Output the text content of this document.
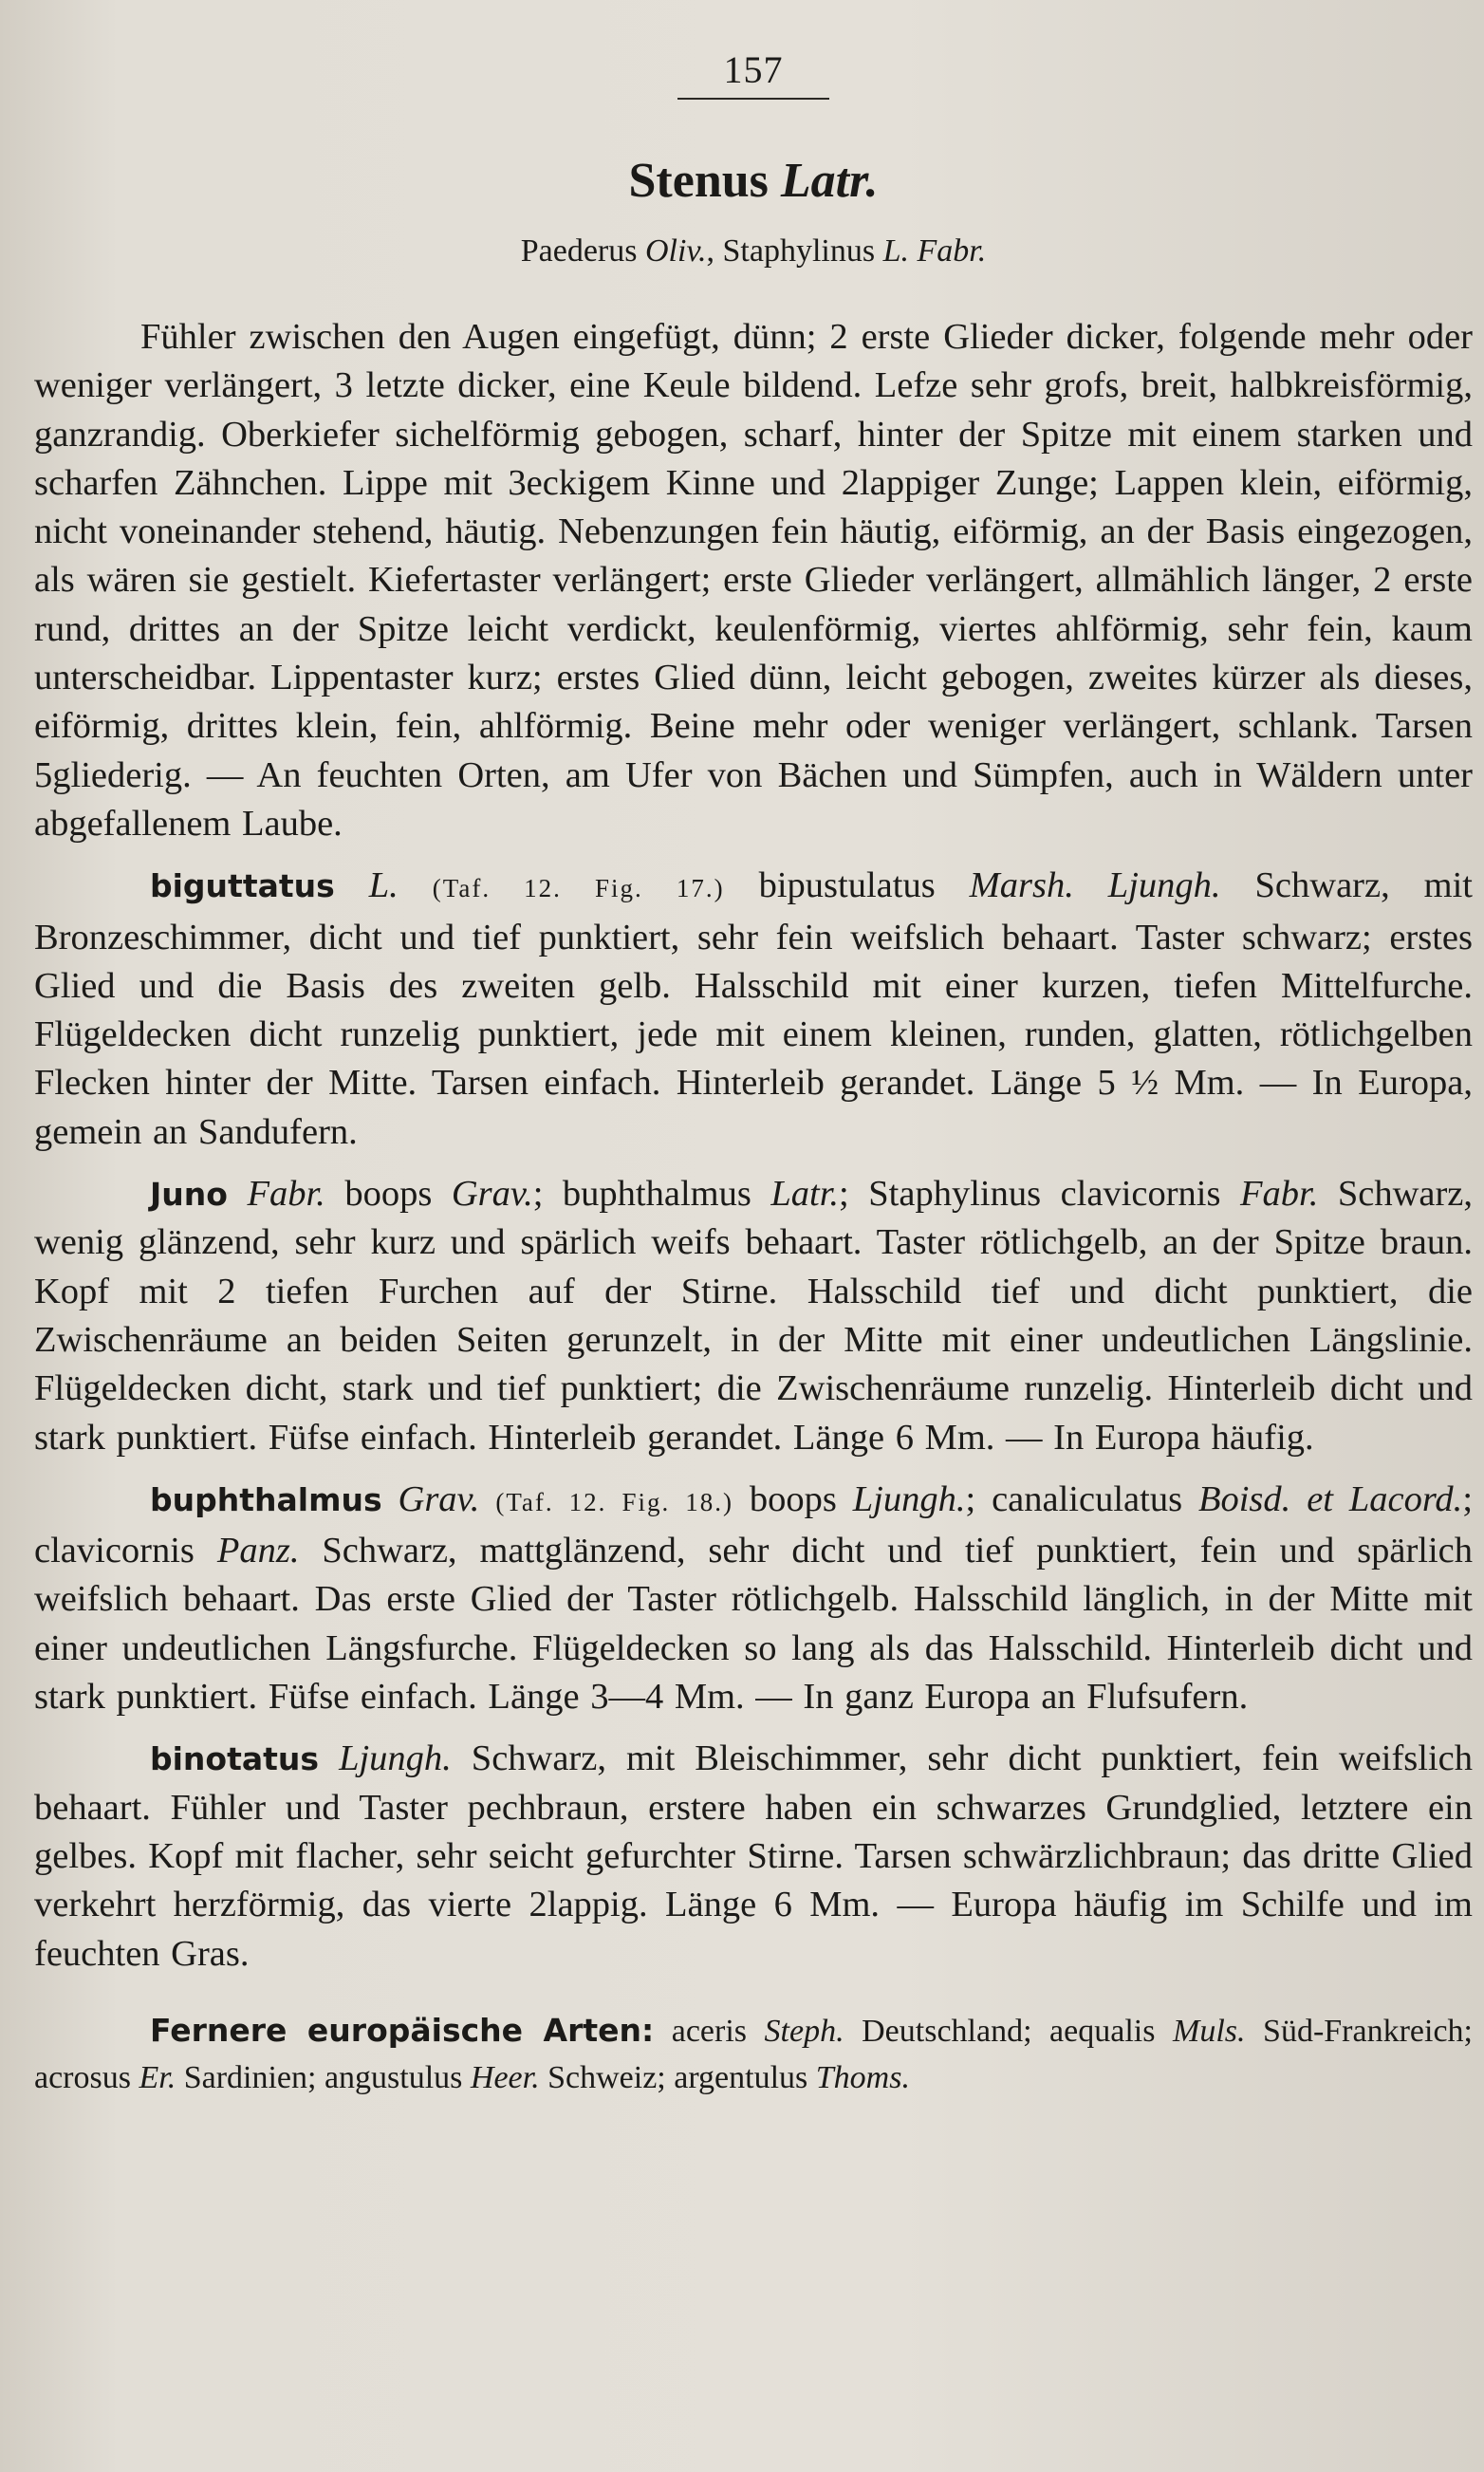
157
Stenus Latr.
Paederus Oliv., Staphylinus L. Fabr.

Fühler zwischen den Augen eingefügt, dünn; 2 erste Glieder dicker, folgende mehr oder weniger verlängert, 3 letzte dicker, eine Keule bildend. Lefze sehr grofs, breit, halbkreisförmig, ganzrandig. Oberkiefer sichelförmig gebogen, scharf, hinter der Spitze mit einem starken und scharfen Zähnchen. Lippe mit 3eckigem Kinne und 2lappiger Zunge; Lappen klein, eiförmig, nicht voneinander stehend, häutig. Nebenzungen fein häutig, eiförmig, an der Basis eingezogen, als wären sie gestielt. Kiefertaster verlängert; erste Glieder verlängert, allmählich länger, 2 erste rund, drittes an der Spitze leicht verdickt, keulenförmig, viertes ahlförmig, sehr fein, kaum unterscheidbar. Lippentaster kurz; erstes Glied dünn, leicht gebogen, zweites kürzer als dieses, eiförmig, drittes klein, fein, ahlförmig. Beine mehr oder weniger verlängert, schlank. Tarsen 5gliederig. — An feuchten Orten, am Ufer von Bächen und Sümpfen, auch in Wäldern unter abgefallenem Laube.

biguttatus L. (Taf. 12. Fig. 17.) bipustulatus Marsh. Ljungh. Schwarz, mit Bronzeschimmer, dicht und tief punktiert, sehr fein weifslich behaart. Taster schwarz; erstes Glied und die Basis des zweiten gelb. Halsschild mit einer kurzen, tiefen Mittelfurche. Flügeldecken dicht runzelig punktiert, jede mit einem kleinen, runden, glatten, rötlichgelben Flecken hinter der Mitte. Tarsen einfach. Hinterleib gerandet. Länge 5 ½ Mm. — In Europa, gemein an Sandufern.

Juno Fabr. boops Grav.; buphthalmus Latr.; Staphylinus clavicornis Fabr. Schwarz, wenig glänzend, sehr kurz und spärlich weifs behaart. Taster rötlichgelb, an der Spitze braun. Kopf mit 2 tiefen Furchen auf der Stirne. Halsschild tief und dicht punktiert, die Zwischenräume an beiden Seiten gerunzelt, in der Mitte mit einer undeutlichen Längslinie. Flügeldecken dicht, stark und tief punktiert; die Zwischenräume runzelig. Hinterleib dicht und stark punktiert. Füfse einfach. Hinterleib gerandet. Länge 6 Mm. — In Europa häufig.

buphthalmus Grav. (Taf. 12. Fig. 18.) boops Ljungh.; canaliculatus Boisd. et Lacord.; clavicornis Panz. Schwarz, mattglänzend, sehr dicht und tief punktiert, fein und spärlich weifslich behaart. Das erste Glied der Taster rötlichgelb. Halsschild länglich, in der Mitte mit einer undeutlichen Längsfurche. Flügeldecken so lang als das Halsschild. Hinterleib dicht und stark punktiert. Füfse einfach. Länge 3—4 Mm. — In ganz Europa an Flufsufern.

binotatus Ljungh. Schwarz, mit Bleischimmer, sehr dicht punktiert, fein weifslich behaart. Fühler und Taster pechbraun, erstere haben ein schwarzes Grundglied, letztere ein gelbes. Kopf mit flacher, sehr seicht gefurchter Stirne. Tarsen schwärzlichbraun; das dritte Glied verkehrt herzförmig, das vierte 2lappig. Länge 6 Mm. — Europa häufig im Schilfe und im feuchten Gras.

Fernere europäische Arten: aceris Steph. Deutschland; aequalis Muls. Süd-Frankreich; acrosus Er. Sardinien; angustulus Heer. Schweiz; argentulus Thoms.
